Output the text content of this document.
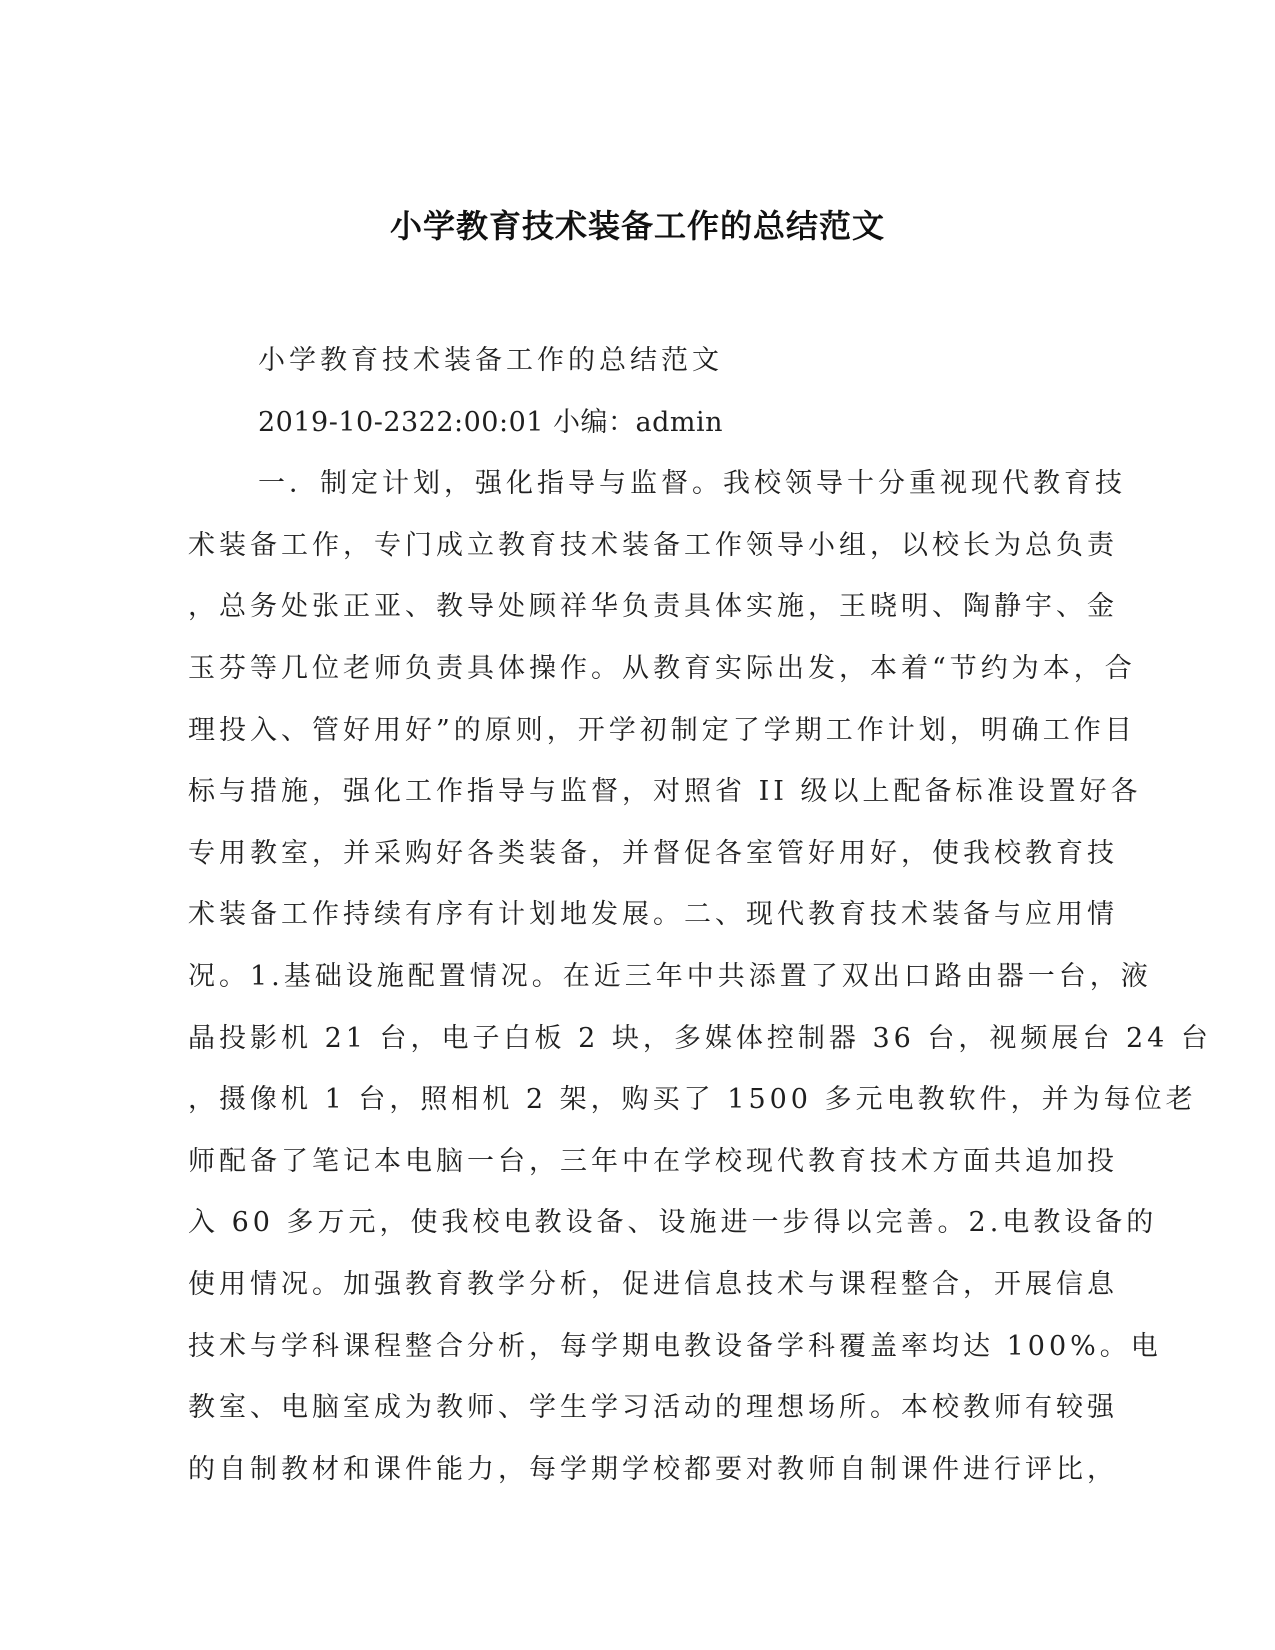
小学教育技术装备工作的总结范文
小学教育技术装备工作的总结范文
2019-10-2322:00:01 小编：admin
一．制定计划，强化指导与监督。我校领导十分重视现代教育技
术装备工作，专门成立教育技术装备工作领导小组，以校长为总负责
，总务处张正亚、教导处顾祥华负责具体实施，王晓明、陶静宇、金
玉芬等几位老师负责具体操作。从教育实际出发，本着“节约为本，合
理投入、管好用好”的原则，开学初制定了学期工作计划，明确工作目
标与措施，强化工作指导与监督，对照省 II 级以上配备标准设置好各
专用教室，并采购好各类装备，并督促各室管好用好，使我校教育技
术装备工作持续有序有计划地发展。二、现代教育技术装备与应用情
况。1.基础设施配置情况。在近三年中共添置了双出口路由器一台，液
晶投影机 21 台，电子白板 2 块，多媒体控制器 36 台，视频展台 24 台
，摄像机 1 台，照相机 2 架，购买了 1500 多元电教软件，并为每位老
师配备了笔记本电脑一台，三年中在学校现代教育技术方面共追加投
入 60 多万元，使我校电教设备、设施进一步得以完善。2.电教设备的
使用情况。加强教育教学分析，促进信息技术与课程整合，开展信息
技术与学科课程整合分析，每学期电教设备学科覆盖率均达 100%。电
教室、电脑室成为教师、学生学习活动的理想场所。本校教师有较强
的自制教材和课件能力，每学期学校都要对教师自制课件进行评比，
